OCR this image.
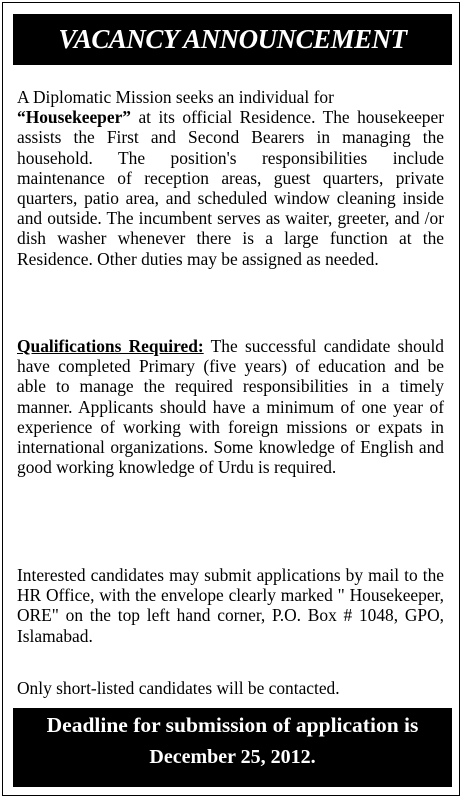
VACANCY ANNOUNCEMENT

A Diplomatic Mission seeks an individual for
“Housekeeper” at its official Residence. The housekeeper assists the First and Second Bearers in managing the household. The position's responsibilities include maintenance of reception areas, guest quarters, private quarters, patio area, and scheduled window cleaning inside and outside. The incumbent serves as waiter, greeter, and /or dish washer whenever there is a large function at the Residence. Other duties may be assigned as needed.

Qualifications Required: The successful candidate should have completed Primary (five years) of education and be able to manage the required responsibilities in a timely manner. Applicants should have a minimum of one year of experience of working with foreign missions or expats in international organizations. Some knowledge of English and good working knowledge of Urdu is required.

Interested candidates may submit applications by mail to the HR Office, with the envelope clearly marked " Housekeeper, ORE" on the top left hand corner, P.O. Box # 1048, GPO, Islamabad.

Only short-listed candidates will be contacted.

Deadline for submission of application is
December 25, 2012.
